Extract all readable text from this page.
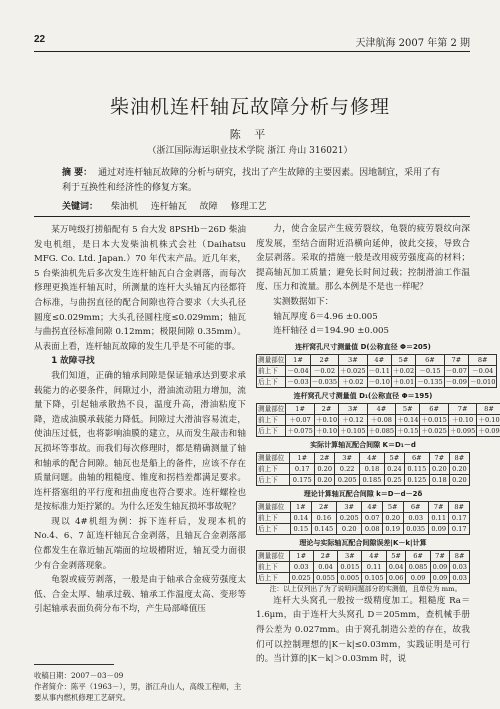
22	天津航海 2007 年第 2 期
柴油机连杆轴瓦故障分析与修理
陈 平
（浙江国际海运职业技术学院 浙江 舟山 316021）
摘 要： 通过对连杆轴瓦故障的分析与研究，找出了产生故障的主要因素。因地制宜，采用了有利于互换性和经济性的修复方案。
关键词： 柴油机 连杆轴瓦 故障 修理工艺

某万吨级打捞船配有 5 台大发 8PSHb－26D 柴油发电机组，是日本大发柴油机株式会社（Daihatsu MFG. Co. Ltd. Japan.）70 年代末产品。近几年来，5 台柴油机先后多次发生连杆轴瓦白合金剥落，而每次修理更换连杆轴瓦时，所测量的连杆大头轴瓦内径都符合标准，与曲拐直径的配合间隙也符合要求（大头孔径圆度≤0.029mm；大头孔径圆柱度≤0.029mm；轴瓦与曲拐直径标准间隙 0.12mm；极限间隙 0.35mm）。从表面上看，连杆轴瓦故障的发生几乎是不可能的事。

1 故障寻找

我们知道，正确的轴承间隙是保证轴承达到要求承载能力的必要条件，间隙过小，滑油流动阻力增加，流量下降，引起轴承散热不良，温度升高，滑油粘度下降，造成油膜承载能力降低。间隙过大滑油容易流走，使油压过低，也将影响油膜的建立，从而发生敲击和轴瓦损坏等事故。而我们每次修理时，都是精确测量了轴和轴承的配合间隙。轴瓦也是船上的备件，应该不存在质量问题。曲轴的粗糙度、锥度和拐档差都满足要求。连杆搭塞组的平行度和扭曲度也符合要求。连杆螺栓也是按标准力矩拧紧的。为什么还发生轴瓦损坏事故呢？

现以 4#机组为例：拆下连杆后，发现本机的 No.4、6、7 缸连杆轴瓦合金剥落，且轴瓦合金剥落部位都发生在靠近轴瓦端面的垃圾槽附近，轴瓦受力面很少有合金剥落现象。

龟裂或疲劳剥落，一般是由于轴承合金疲劳强度太低、合金太厚、轴承过载、轴承工作温度太高、变形等引起轴承表面负荷分布不均，产生局部峰值压

力，使合金层产生疲劳裂纹，龟裂的疲劳裂纹向深度发展，至结合面附近沿横向延伸，彼此交接，导致合金层剥落。采取的措施一般是改用疲劳强度高的材料；提高轴瓦加工质量；避免长时间过载；控制滑油工作温度、压力和流量。那么本例是不是也一样呢？

实测数据如下：

轴瓦厚度 δ＝4.96 ±0.005

连杆轴径 d＝194.90 ±0.005

连杆窝孔尺寸测量值 D(公称直径 Φ＝205)
测量部位	1#	2#	3#	4#	5#	6#	7#	8#
前上下	－0.04	－0.02	＋0.025	－0.11	＋0.02	－0.15	－0.07	－0.04
后上下	－0.03	－0.035	＋0.02	－0.10	＋0.01	－0.135	－0.09	－0.010
连杆窝孔尺寸测量值 D₁(公称直径 Φ＝195)
测量部位	1#	2#	3#	4#	5#	6#	7#	8#
前上下	＋0.07	＋0.10	＋0.12	＋0.08	＋0.14	＋0.015	＋0.10	＋0.10
后上下	＋0.075	＋0.10	＋0.105	＋0.085	＋0.15	＋0.025	＋0.095	＋0.09
实际计算轴瓦配合间隙 K＝D₁－d
测量部位	1#	2#	3#	4#	5#	6#	7#	8#
前上下	0.17	0.20	0.22	0.18	0.24	0.115	0.20	0.20
后上下	0.175	0.20	0.205	0.185	0.25	0.125	0.18	0.20
理论计算轴瓦配合间隙 k＝D－d－2δ
测量部位	1#	2#	3#	4#	5#	6#	7#	8#
前上下	0.14	0.16	0.205	0.07	0.20	0.03	0.11	0.17
后上下	0.15	0.145	0.20	0.08	0.19	0.035	0.09	0.17
理论与实际轴瓦配合间隙误差|K－k|计算
测量部位	1#	2#	3#	4#	5#	6#	7#	8#
前上下	0.03	0.04	0.015	0.11	0.04	0.085	0.09	0.03
后上下	0.025	0.055	0.005	0.105	0.06	0.09	0.09	0.03

注：以上仅列出了为了说明问题部分的实测值，且单位为 mm。

连杆大头窝孔一般按一级精度加工。粗糙度 Ra＝1.6μm，由于连杆大头窝孔 D＝205mm，查机械手册得公差为 0.027mm。由于窝孔制造公差的存在，故我们可以控制理想的|K－k|≤0.03mm，实践证明是可行的。当计算的|K－k|＞0.03mm 时，说

收稿日期：2007－03－09
作者简介：陈平（1963－），男，浙江舟山人，高级工程师，主要从事内燃机修理工艺研究。
